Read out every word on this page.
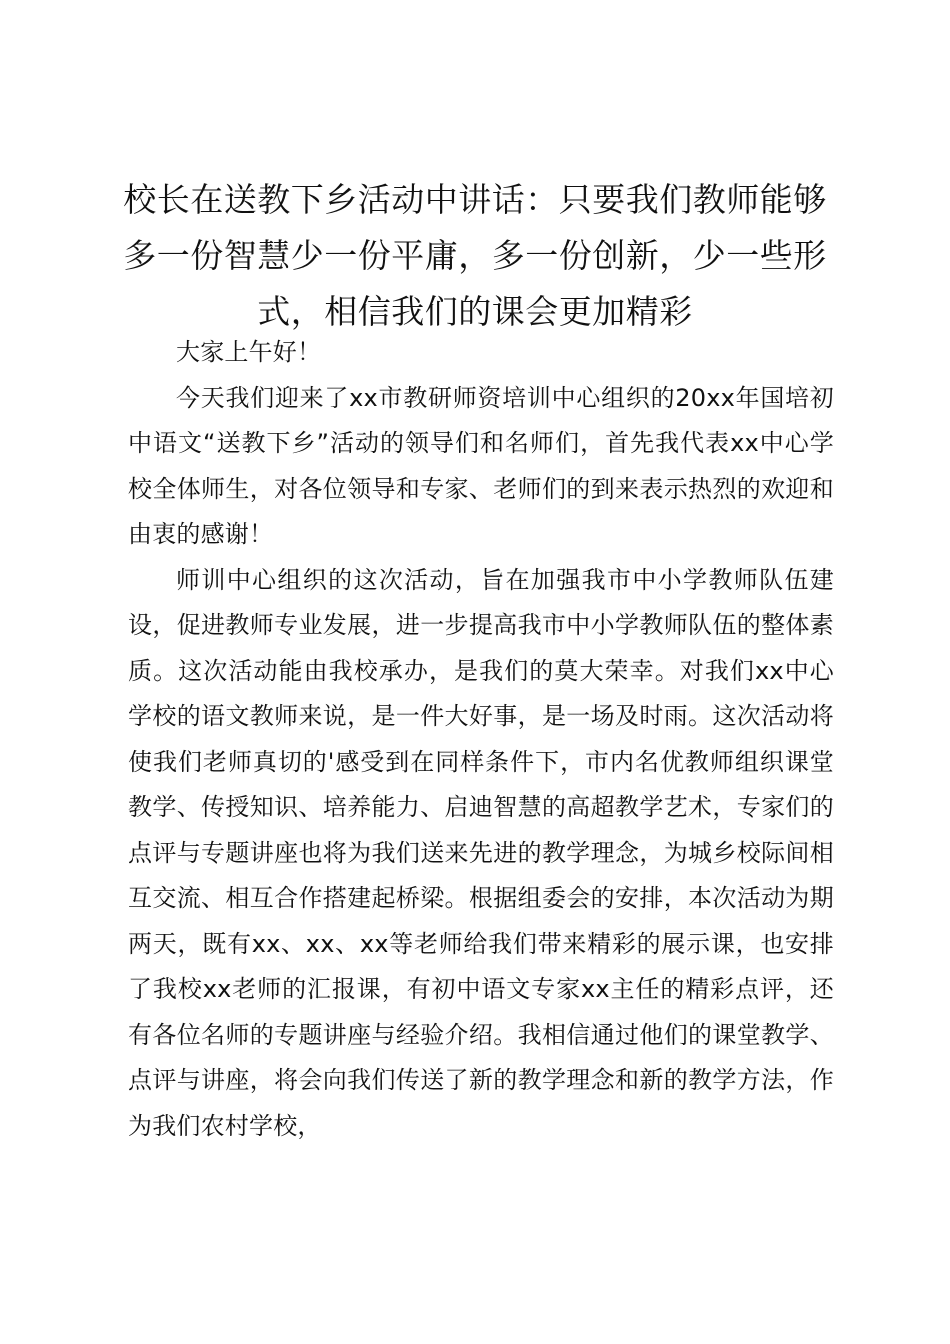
校长在送教下乡活动中讲话：只要我们教师能够多一份智慧少一份平庸，多一份创新，少一些形式，相信我们的课会更加精彩

大家上午好！

今天我们迎来了xx市教研师资培训中心组织的20xx年国培初中语文“送教下乡”活动的领导们和名师们，首先我代表xx中心学校全体师生，对各位领导和专家、老师们的到来表示热烈的欢迎和由衷的感谢！

师训中心组织的这次活动，旨在加强我市中小学教师队伍建设，促进教师专业发展，进一步提高我市中小学教师队伍的整体素质。这次活动能由我校承办，是我们的莫大荣幸。对我们xx中心学校的语文教师来说，是一件大好事，是一场及时雨。这次活动将使我们老师真切的'感受到在同样条件下，市内名优教师组织课堂教学、传授知识、培养能力、启迪智慧的高超教学艺术，专家们的点评与专题讲座也将为我们送来先进的教学理念，为城乡校际间相互交流、相互合作搭建起桥梁。根据组委会的安排，本次活动为期两天，既有xx、xx、xx等老师给我们带来精彩的展示课，也安排了我校xx老师的汇报课，有初中语文专家xx主任的精彩点评，还有各位名师的专题讲座与经验介绍。我相信通过他们的课堂教学、点评与讲座，将会向我们传送了新的教学理念和新的教学方法，作为我们农村学校，
